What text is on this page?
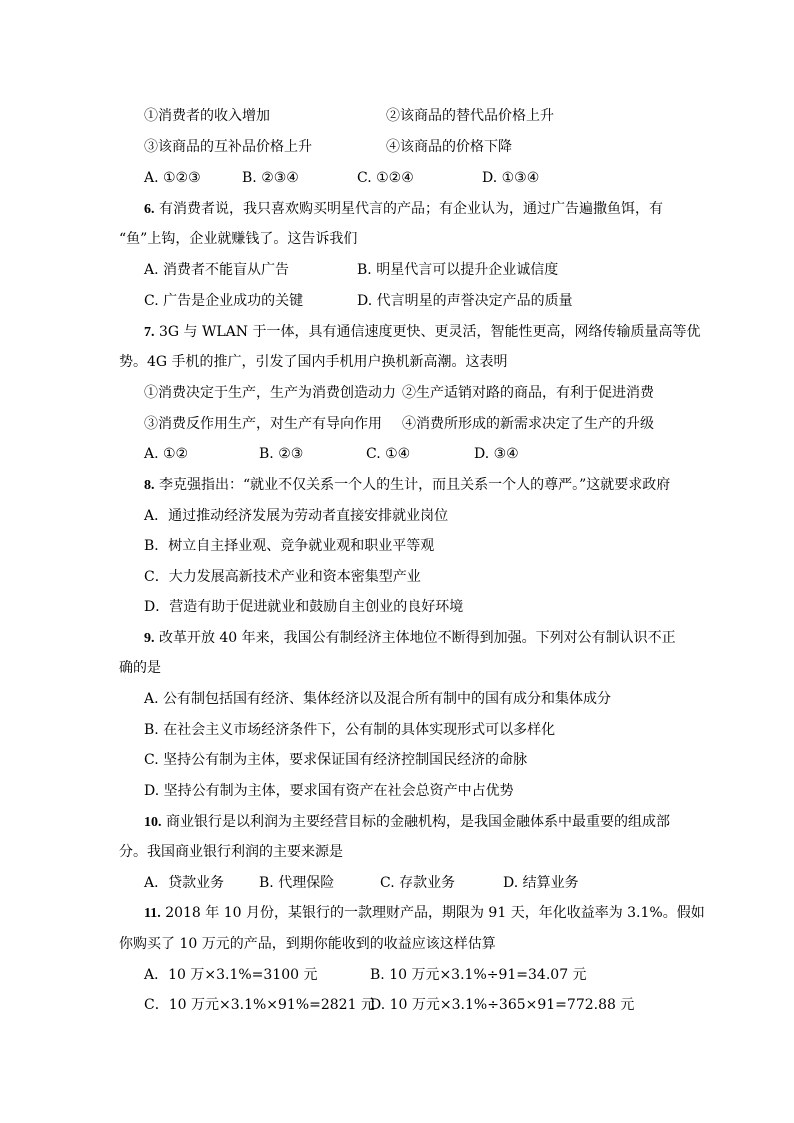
①消费者的收入增加	②该商品的替代品价格上升
③该商品的互补品价格上升	④该商品的价格下降
A. ①②③	B. ②③④	C. ①②④	D. ①③④
6. 有消费者说，我只喜欢购买明星代言的产品；有企业认为，通过广告遍撒鱼饵，有
“鱼”上钩，企业就赚钱了。这告诉我们
A. 消费者不能盲从广告	B. 明星代言可以提升企业诚信度
C. 广告是企业成功的关键	D. 代言明星的声誉决定产品的质量
7. 3G 与 WLAN 于一体，具有通信速度更快、更灵活，智能性更高，网络传输质量高等优
势。4G 手机的推广，引发了国内手机用户换机新高潮。这表明
①消费决定于生产，生产为消费创造动力 ②生产适销对路的商品，有利于促进消费
③消费反作用生产，对生产有导向作用 ④消费所形成的新需求决定了生产的升级
A. ①②	B. ②③	C. ①④	D. ③④
8. 李克强指出：“就业不仅关系一个人的生计，而且关系一个人的尊严。”这就要求政府
A．通过推动经济发展为劳动者直接安排就业岗位
B．树立自主择业观、竞争就业观和职业平等观
C．大力发展高新技术产业和资本密集型产业
D．营造有助于促进就业和鼓励自主创业的良好环境
9. 改革开放 40 年来，我国公有制经济主体地位不断得到加强。下列对公有制认识不正
确的是
A. 公有制包括国有经济、集体经济以及混合所有制中的国有成分和集体成分
B. 在社会主义市场经济条件下，公有制的具体实现形式可以多样化
C. 坚持公有制为主体，要求保证国有经济控制国民经济的命脉
D. 坚持公有制为主体，要求国有资产在社会总资产中占优势
10. 商业银行是以利润为主要经营目标的金融机构，是我国金融体系中最重要的组成部
分。我国商业银行利润的主要来源是
A．贷款业务 B. 代理保险	C. 存款业务	D. 结算业务
11. 2018 年 10 月份，某银行的一款理财产品，期限为 91 天，年化收益率为 3.1%。假如
你购买了 10 万元的产品，到期你能收到的收益应该这样估算
A．10 万×3.1%=3100 元	B. 10 万元×3.1%÷91=34.07 元
C．10 万元×3.1%×91%=2821 元
D. 10 万元×3.1%÷365×91=772.88 元
